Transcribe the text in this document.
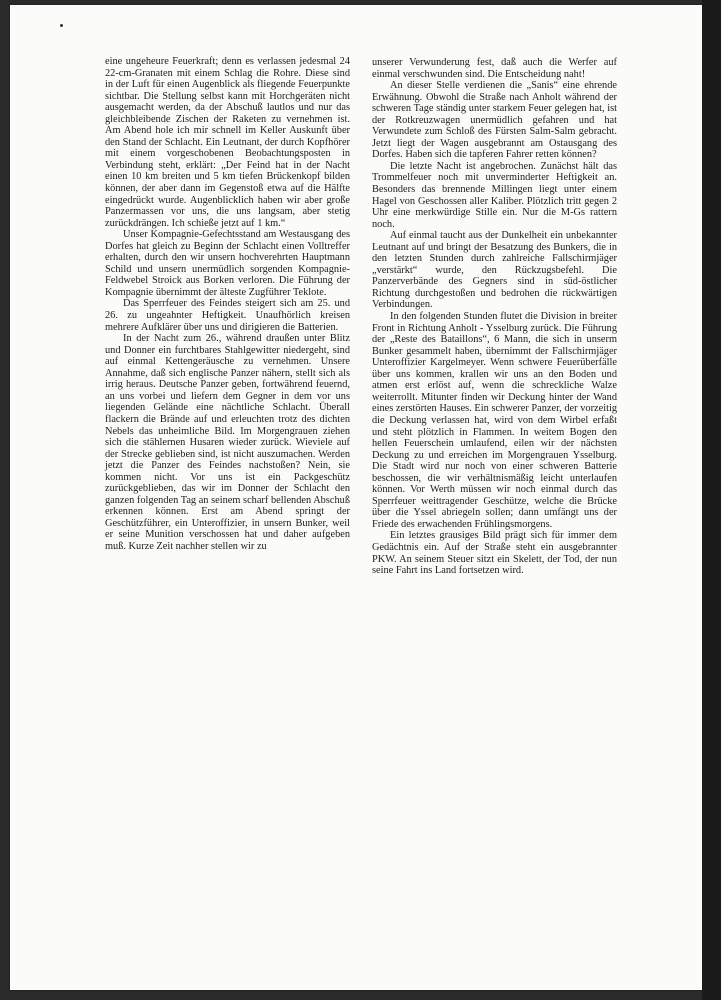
eine ungeheure Feuerkraft; denn es verlassen jedesmal 24 22-cm-Granaten mit einem Schlag die Rohre. Diese sind in der Luft für einen Augenblick als fliegende Feuerpunkte sichtbar. Die Stellung selbst kann mit Horchgeräten nicht ausgemacht werden, da der Abschuß lautlos und nur das gleichbleibende Zischen der Raketen zu vernehmen ist. Am Abend hole ich mir schnell im Keller Auskunft über den Stand der Schlacht. Ein Leutnant, der durch Kopfhörer mit einem vorgeschobenen Beobachtungsposten in Verbindung steht, erklärt: „Der Feind hat in der Nacht einen 10 km breiten und 5 km tiefen Brückenkopf bilden können, der aber dann im Gegenstoß etwa auf die Hälfte eingedrückt wurde. Augenblicklich haben wir aber große Panzermassen vor uns, die uns langsam, aber stetig zurückdrängen. Ich schieße jetzt auf 1 km.“

Unser Kompagnie-Gefechtsstand am Westausgang des Dorfes hat gleich zu Beginn der Schlacht einen Volltreffer erhalten, durch den wir unsern hochverehrten Hauptmann Schild und unsern unermüdlich sorgenden Kompagnie-Feldwebel Stroick aus Borken verloren. Die Führung der Kompagnie übernimmt der älteste Zugführer Teklote.

Das Sperrfeuer des Feindes steigert sich am 25. und 26. zu ungeahnter Heftigkeit. Unaufhörlich kreisen mehrere Aufklärer über uns und dirigieren die Batterien.

In der Nacht zum 26., während draußen unter Blitz und Donner ein furchtbares Stahlgewitter niedergeht, sind auf einmal Kettengeräusche zu vernehmen. Unsere Annahme, daß sich englische Panzer nähern, stellt sich als irrig heraus. Deutsche Panzer geben, fortwährend feuernd, an uns vorbei und liefern dem Gegner in dem vor uns liegenden Gelände eine nächtliche Schlacht. Überall flackern die Brände auf und erleuchten trotz des dichten Nebels das unheimliche Bild. Im Morgengrauen ziehen sich die stählernen Husaren wieder zurück. Wieviele auf der Strecke geblieben sind, ist nicht auszumachen. Werden jetzt die Panzer des Feindes nachstoßen? Nein, sie kommen nicht. Vor uns ist ein Packgeschütz zurückgeblieben, das wir im Donner der Schlacht den ganzen folgenden Tag an seinem scharf bellenden Abschuß erkennen können. Erst am Abend springt der Geschützführer, ein Unteroffizier, in unsern Bunker, weil er seine Munition verschossen hat und daher aufgeben muß. Kurze Zeit nachher stellen wir zu

unserer Verwunderung fest, daß auch die Werfer auf einmal verschwunden sind. Die Entscheidung naht!

An dieser Stelle verdienen die „Sanis“ eine ehrende Erwähnung. Obwohl die Straße nach Anholt während der schweren Tage ständig unter starkem Feuer gelegen hat, ist der Rotkreuzwagen unermüdlich gefahren und hat Verwundete zum Schloß des Fürsten Salm-Salm gebracht. Jetzt liegt der Wagen ausgebrannt am Ostausgang des Dorfes. Haben sich die tapferen Fahrer retten können?

Die letzte Nacht ist angebrochen. Zunächst hält das Trommelfeuer noch mit unverminderter Heftigkeit an. Besonders das brennende Millingen liegt unter einem Hagel von Geschossen aller Kaliber. Plötzlich tritt gegen 2 Uhr eine merkwürdige Stille ein. Nur die M-Gs rattern noch.

Auf einmal taucht aus der Dunkelheit ein unbekannter Leutnant auf und bringt der Besatzung des Bunkers, die in den letzten Stunden durch zahlreiche Fallschirmjäger „verstärkt“ wurde, den Rückzugsbefehl. Die Panzerverbände des Gegners sind in süd-östlicher Richtung durchgestoßen und bedrohen die rückwärtigen Verbindungen.

In den folgenden Stunden flutet die Division in breiter Front in Richtung Anholt - Ysselburg zurück. Die Führung der „Reste des Bataillons“, 6 Mann, die sich in unserm Bunker gesammelt haben, übernimmt der Fallschirmjäger Unteroffizier Kargelmeyer. Wenn schwere Feuerüberfälle über uns kommen, krallen wir uns an den Boden und atmen erst erlöst auf, wenn die schreckliche Walze weiterrollt. Mitunter finden wir Deckung hinter der Wand eines zerstörten Hauses. Ein schwerer Panzer, der vorzeitig die Deckung verlassen hat, wird von dem Wirbel erfaßt und steht plötzlich in Flammen. In weitem Bogen den hellen Feuerschein umlaufend, eilen wir der nächsten Deckung zu und erreichen im Morgengrauen Ysselburg. Die Stadt wird nur noch von einer schweren Batterie beschossen, die wir verhältnismäßig leicht unterlaufen können. Vor Werth müssen wir noch einmal durch das Sperrfeuer weittragender Geschütze, welche die Brücke über die Yssel abriegeln sollen; dann umfängt uns der Friede des erwachenden Frühlingsmorgens.

Ein letztes grausiges Bild prägt sich für immer dem Gedächtnis ein. Auf der Straße steht ein ausgebrannter PKW. An seinem Steuer sitzt ein Skelett, der Tod, der nun seine Fahrt ins Land fortsetzen wird.
